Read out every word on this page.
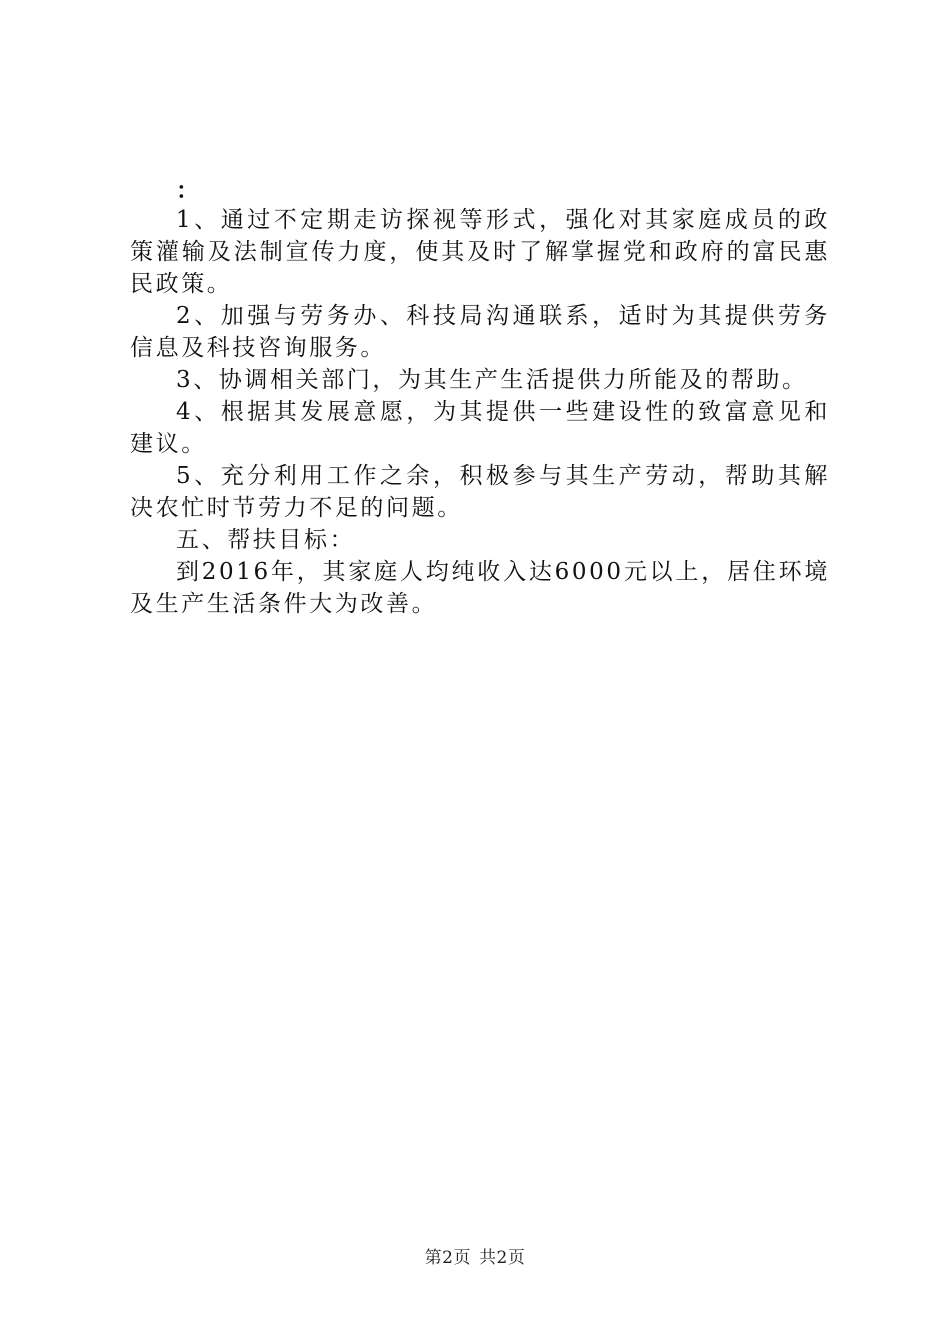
：

1、通过不定期走访探视等形式，强化对其家庭成员的政策灌输及法制宣传力度，使其及时了解掌握党和政府的富民惠民政策。

2、加强与劳务办、科技局沟通联系，适时为其提供劳务信息及科技咨询服务。

3、协调相关部门，为其生产生活提供力所能及的帮助。

4、根据其发展意愿，为其提供一些建设性的致富意见和建议。

5、充分利用工作之余，积极参与其生产劳动，帮助其解决农忙时节劳力不足的问题。

五、帮扶目标：

到2016年，其家庭人均纯收入达6000元以上，居住环境及生产生活条件大为改善。

第2页 共2页
